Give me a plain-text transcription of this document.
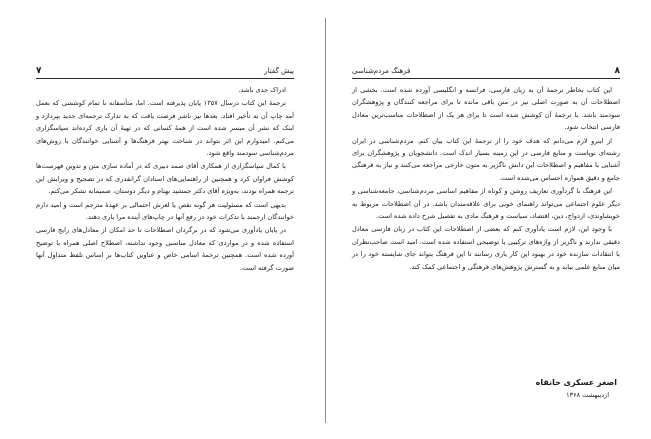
۷	پیش گفتار

ادراک جدی باشد.

ترجمهٔ این کتاب درسال ۱۳۵۷ پایان پذیرفته است. اما، متأسفانه با تمام کوششی که بعمل آمد چاپ آن به تأخیر افتاد. بعدها نیز ناشر فرصت یافت که به تدارک ترجمه‌ای جدید بپردازد و اینک که نشر آن میسر شده است از همهٔ کسانی که در تهیهٔ آن یاری کرده‌اند سپاسگزاری می‌کنم. امیدوارم این اثر بتواند در شناخت بهتر فرهنگ‌ها و آشنایی خوانندگان با روش‌های مردم‌شناسی سودمند واقع شود.

با کمال سپاسگزاری از همکاری آقای صمد دبیری که در آماده سازی متن و تدوین فهرست‌ها کوشش فراوان کرد و همچنین از راهنمایی‌های استادان گرانقدری که در تصحیح و ویرایش این ترجمه همراه بودند، به‌ویژه آقای دکتر جمشید بهنام و دیگر دوستان، صمیمانه تشکر می‌کنم.

بدیهی است که مسئولیت هر گونه نقص یا لغزش احتمالی بر عهدهٔ مترجم است و امید دارم خوانندگان ارجمند با تذکرات خود در رفع آنها در چاپ‌های آینده مرا یاری دهند.

در پایان یادآوری می‌شود که در برگردان اصطلاحات تا حد امکان از معادل‌های رایج فارسی استفاده شده و در مواردی که معادل مناسبی وجود نداشته، اصطلاح اصلی همراه با توضیح آورده شده است. همچنین ترجمهٔ اسامی خاص و عناوین کتاب‌ها بر اساس تلفظ متداول آنها صورت گرفته است.

۸
فرهنگ مردم‌شناسی

این کتاب بخاطر ترجمهٔ آن به زبان فارسی، فرانسه و انگلیسی آورده شده است. بخشی از اصطلاحات آن به صورت اصلی نیز در متن باقی مانده تا برای مراجعه کنندگان و پژوهشگران سودمند باشد. با ترجمهٔ آن کوشش شده است تا برای هر یک از اصطلاحات مناسب‌ترین معادل فارسی انتخاب شود.

از اینرو لازم می‌دانم که هدف خود را از ترجمهٔ این کتاب بیان کنم. مردم‌شناسی در ایران رشته‌ای نوپاست و منابع فارسی در این زمینه بسیار اندک است. دانشجویان و پژوهشگران برای آشنایی با مفاهیم و اصطلاحات این دانش ناگزیر به متون خارجی مراجعه می‌کنند و نیاز به فرهنگی جامع و دقیق همواره احساس می‌شده است.

این فرهنگ با گردآوری تعاریف روشن و کوتاه از مفاهیم اساسی مردم‌شناسی، جامعه‌شناسی و دیگر علوم اجتماعی می‌تواند راهنمای خوبی برای علاقه‌مندان باشد. در آن اصطلاحات مربوط به خویشاوندی، ازدواج، دین، اقتصاد، سیاست و فرهنگ مادی به تفصیل شرح داده شده است.

با وجود این، لازم است یادآوری کنم که بعضی از اصطلاحات این کتاب در زبان فارسی معادل دقیقی ندارند و ناگزیر از واژه‌های ترکیبی یا توضیحی استفاده شده است. امید است صاحب‌نظران با انتقادات سازنده خود در بهبود این کار یاری رسانند تا این فرهنگ بتواند جای شایسته خود را در میان منابع علمی بیابد و به گسترش پژوهش‌های فرهنگی و اجتماعی کمک کند.

اصغر عسکری خانقاه
اردیبهشت ۱۳۶۸
